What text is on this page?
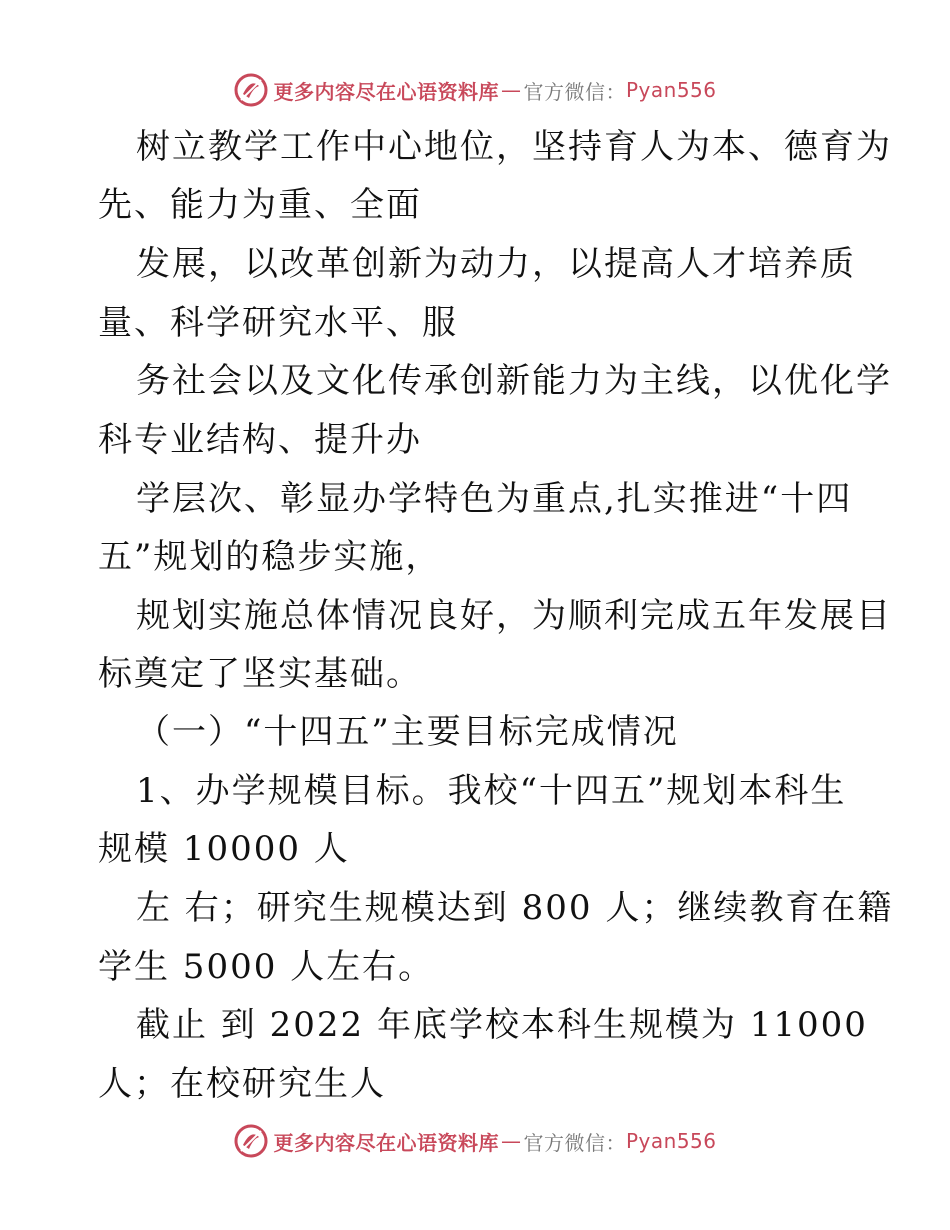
更多内容尽在心语资料库 — 官方微信： Pyan556
树立教学工作中心地位，坚持育人为本、德育为
先、能力为重、全面
发展，以改革创新为动力，以提高人才培养质
量、科学研究水平、服
务社会以及文化传承创新能力为主线，以优化学
科专业结构、提升办
学层次、彰显办学特色为重点,扎实推进“十四
五”规划的稳步实施，
规划实施总体情况良好，为顺利完成五年发展目
标奠定了坚实基础。
（一）“十四五”主要目标完成情况
1、办学规模目标。我校“十四五”规划本科生
规模 10000 人
左 右；研究生规模达到 800 人；继续教育在籍
学生 5000 人左右。
截止 到 2022 年底学校本科生规模为 11000
人；在校研究生人
更多内容尽在心语资料库 — 官方微信： Pyan556
